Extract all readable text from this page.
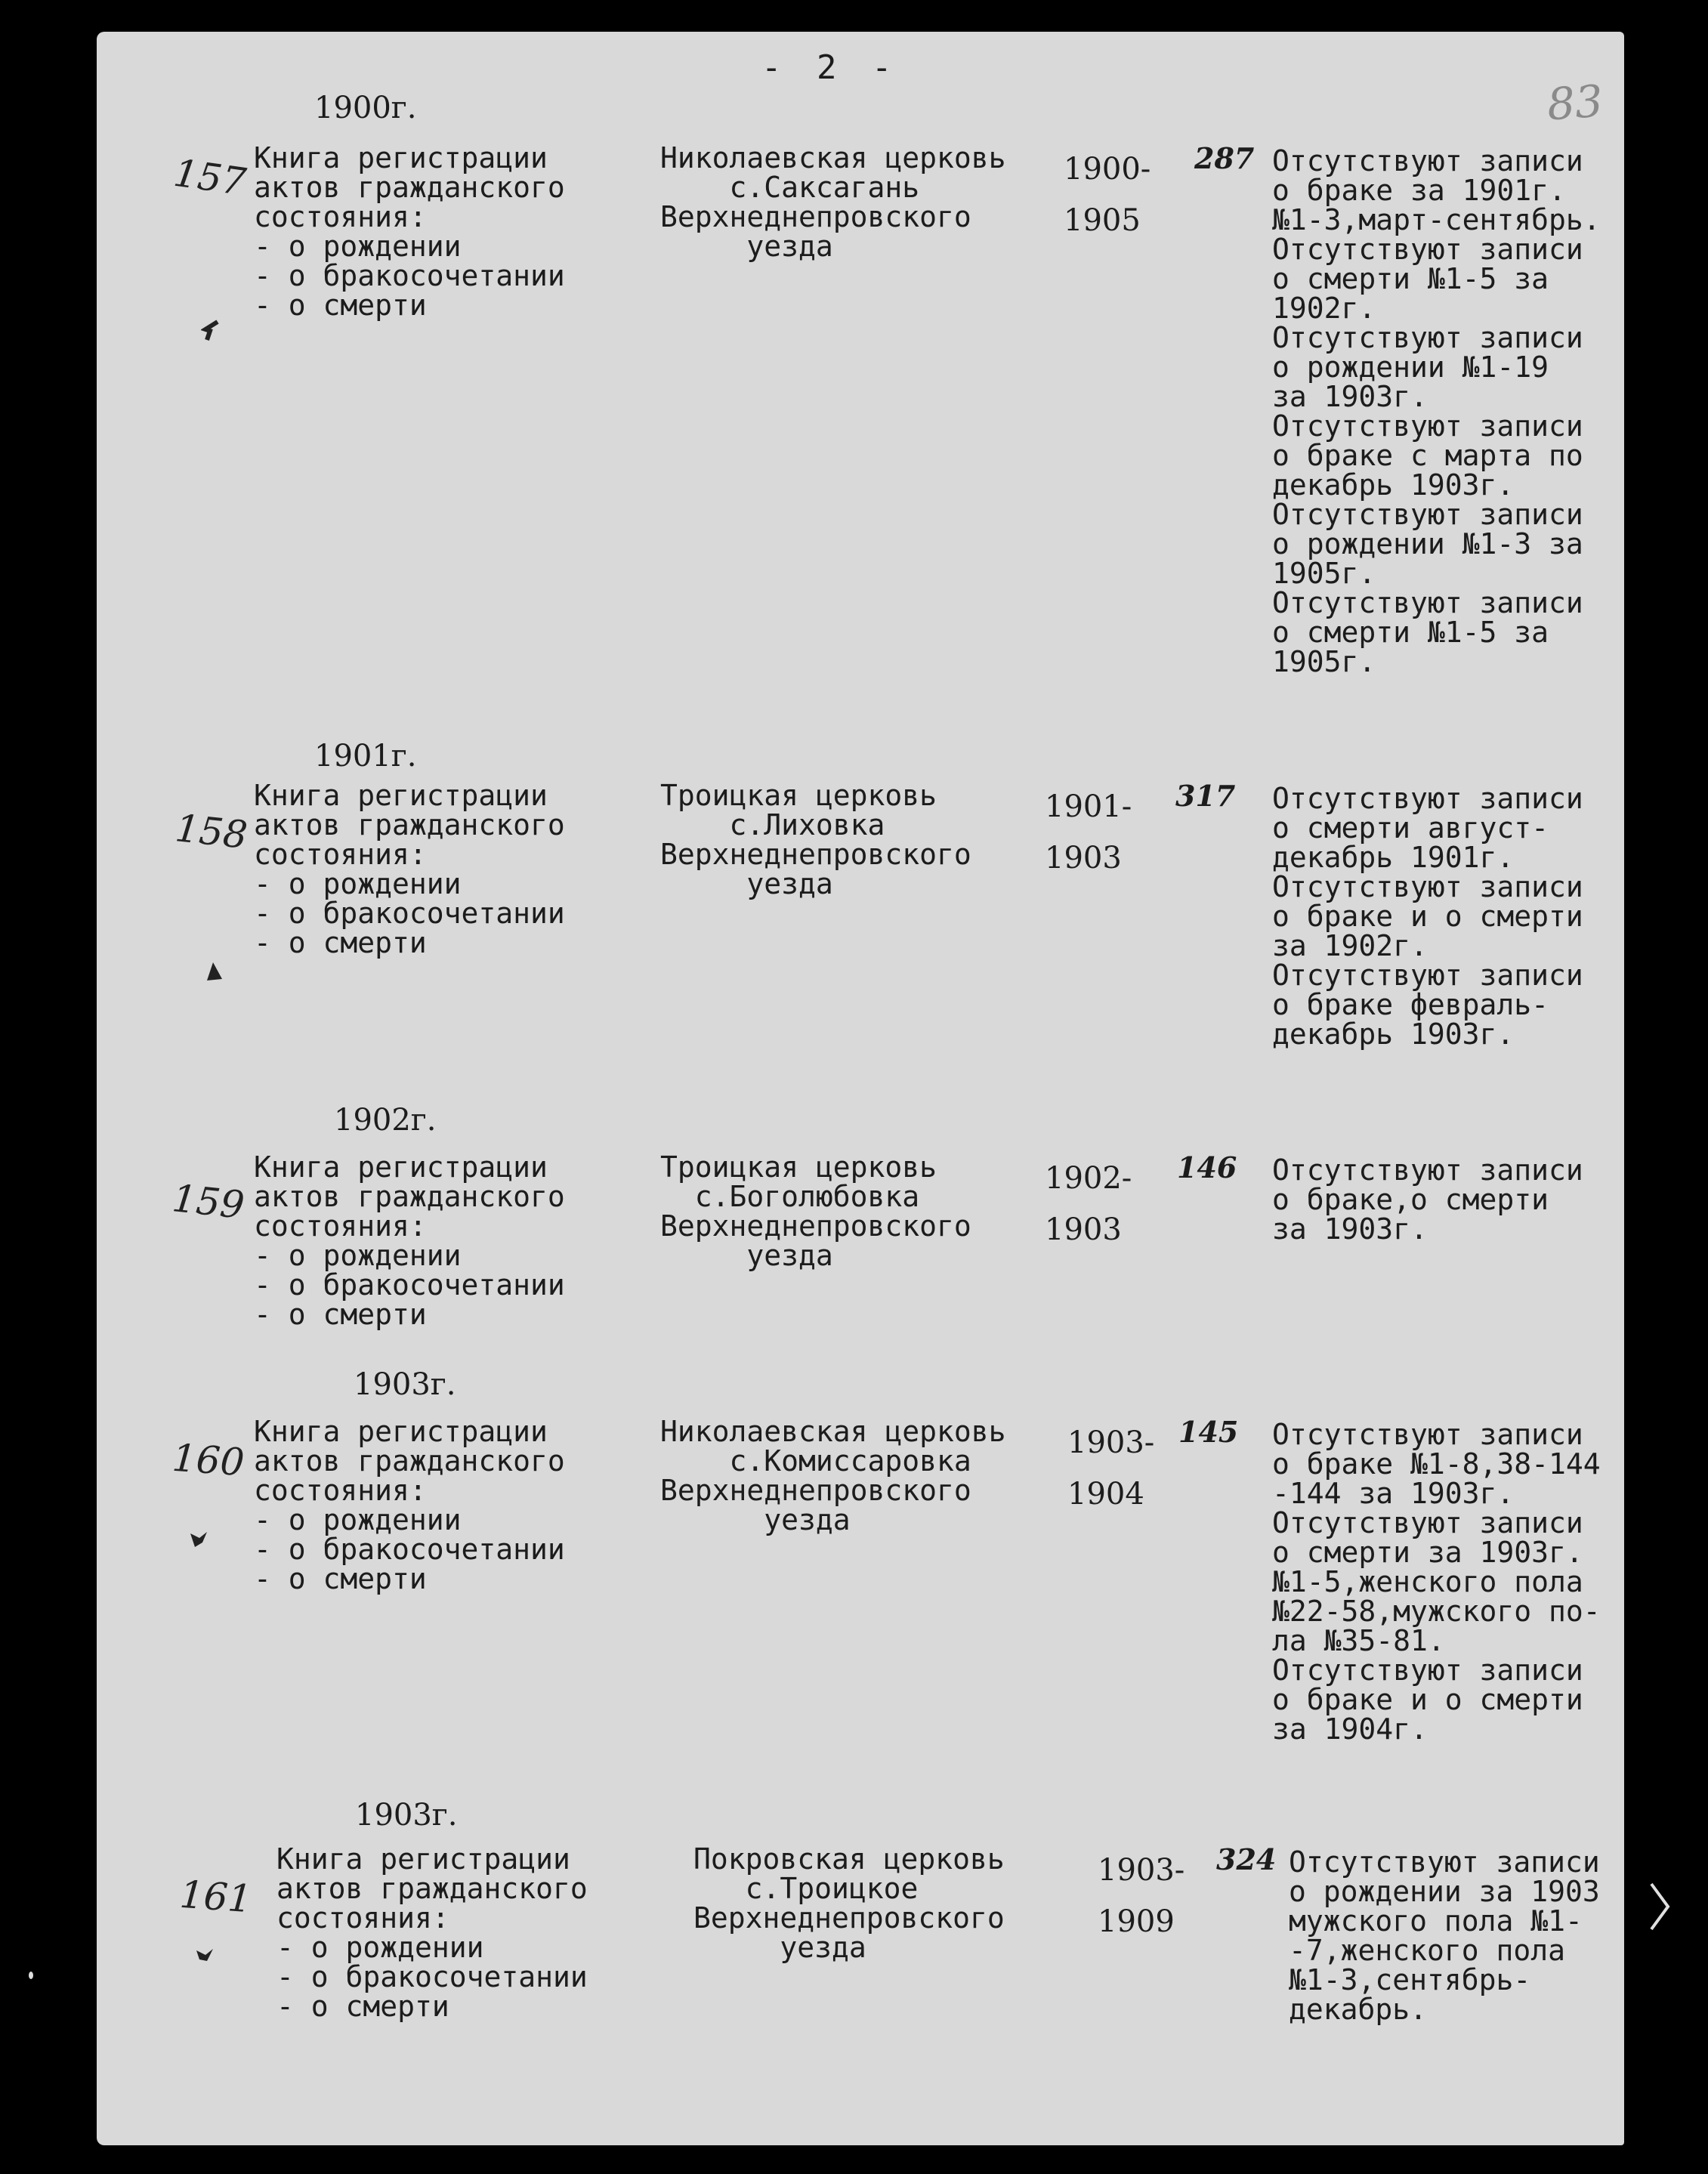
- 2 -
83
1900г.
157 Книга регистрации
актов гражданского
состояния:
- о рождении
- о бракосочетании
- о смерти
Николаевская церковь
с.Саксагань
Верхнеднепровского
уезда
1900-
1905
287 Отсутствуют записи
о браке за 1901г.
№1-3,март-сентябрь.
Отсутствуют записи
о смерти №1-5 за
1902г.
Отсутствуют записи
о рождении №1-19
за 1903г.
Отсутствуют записи
о браке с марта по
декабрь 1903г.
Отсутствуют записи
о рождении №1-3 за
1905г.
Отсутствуют записи
о смерти №1-5 за
1905г.
1901г.
158
Книга регистрации
актов гражданского
состояния:
- о рождении
- о бракосочетании
- о смерти
Троицкая церковь
с.Лиховка
Верхнеднепровского
уезда
1901-
1903
317 Отсутствуют записи
о смерти август-
декабрь 1901г.
Отсутствуют записи
о браке и о смерти
за 1902г.
Отсутствуют записи
о браке февраль-
декабрь 1903г.
1902г.
159
Книга регистрации
актов гражданского
состояния:
- о рождении
- о бракосочетании
- о смерти
Троицкая церковь
с.Боголюбовка
Верхнеднепровского
уезда
1902-
1903
146 Отсутствуют записи
о браке,о смерти
за 1903г.
1903г.
160
Книга регистрации
актов гражданского
состояния:
- о рождении
- о бракосочетании
- о смерти
Николаевская церковь
с.Комиссаровка
Верхнеднепровского
уезда
1903-
1904
145 Отсутствуют записи
о браке №1-8,38-144
-144 за 1903г.
Отсутствуют записи
о смерти за 1903г.
№1-5,женского пола
№22-58,мужского по-
ла №35-81.
Отсутствуют записи
о браке и о смерти
за 1904г.
1903г.
161
Книга регистрации
актов гражданского
состояния:
- о рождении
- о бракосочетании
- о смерти
Покровская церковь
с.Троицкое
Верхнеднепровского
уезда
1903-
1909
324 Отсутствуют записи
о рождении за 1903
мужского пола №1-
-7,женского пола
№1-3,сентябрь-
декабрь.
